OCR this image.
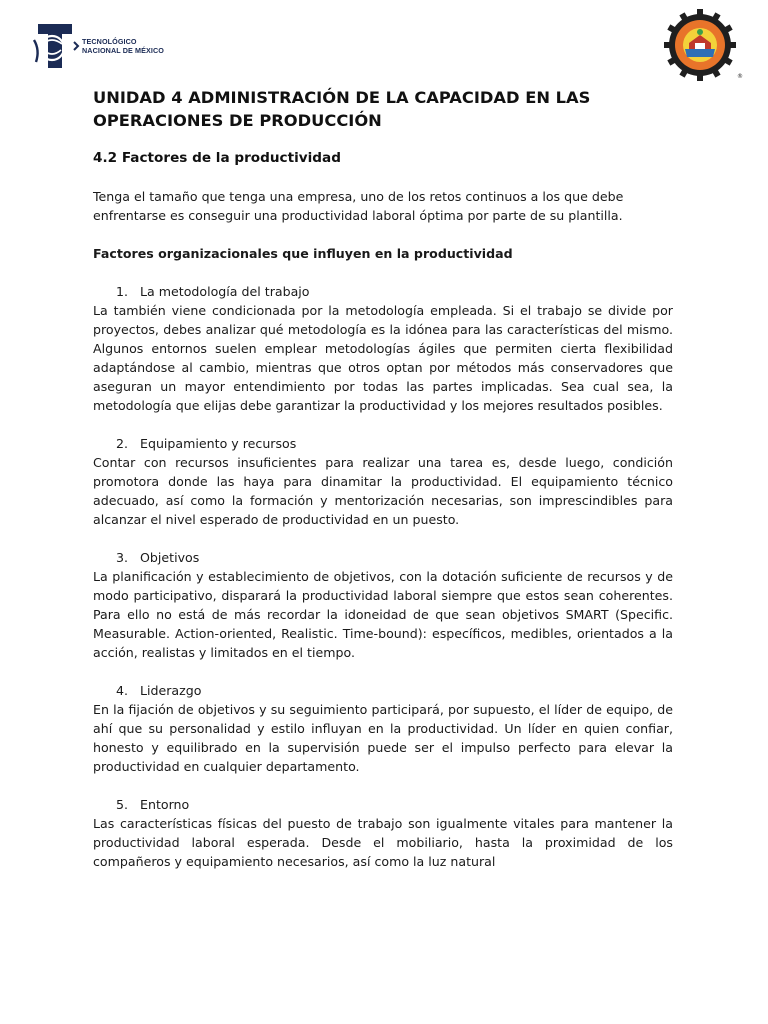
TECNOLÓGICO
NACIONAL DE MÉXICO
®
UNIDAD 4 ADMINISTRACIÓN DE LA CAPACIDAD EN LAS OPERACIONES DE PRODUCCIÓN
4.2 Factores de la productividad

Tenga el tamaño que tenga una empresa, uno de los retos continuos a los que debe enfrentarse es conseguir una productividad laboral óptima por parte de su plantilla.

Factores organizacionales que influyen en la productividad

1. La metodología del trabajo

La también viene condicionada por la metodología empleada. Si el trabajo se divide por proyectos, debes analizar qué metodología es la idónea para las características del mismo. Algunos entornos suelen emplear metodologías ágiles que permiten cierta flexibilidad adaptándose al cambio, mientras que otros optan por métodos más conservadores que aseguran un mayor entendimiento por todas las partes implicadas. Sea cual sea, la metodología que elijas debe garantizar la productividad y los mejores resultados posibles.

2. Equipamiento y recursos

Contar con recursos insuficientes para realizar una tarea es, desde luego, condición promotora donde las haya para dinamitar la productividad. El equipamiento técnico adecuado, así como la formación y mentorización necesarias, son imprescindibles para alcanzar el nivel esperado de productividad en un puesto.

3. Objetivos

La planificación y establecimiento de objetivos, con la dotación suficiente de recursos y de modo participativo, disparará la productividad laboral siempre que estos sean coherentes. Para ello no está de más recordar la idoneidad de que sean objetivos SMART (Specific. Measurable. Action-oriented, Realistic. Time-bound): específicos, medibles, orientados a la acción, realistas y limitados en el tiempo.

4. Liderazgo

En la fijación de objetivos y su seguimiento participará, por supuesto, el líder de equipo, de ahí que su personalidad y estilo influyan en la productividad. Un líder en quien confiar, honesto y equilibrado en la supervisión puede ser el impulso perfecto para elevar la productividad en cualquier departamento.

5. Entorno

Las características físicas del puesto de trabajo son igualmente vitales para mantener la productividad laboral esperada. Desde el mobiliario, hasta la proximidad de los compañeros y equipamiento necesarios, así como la luz natural
